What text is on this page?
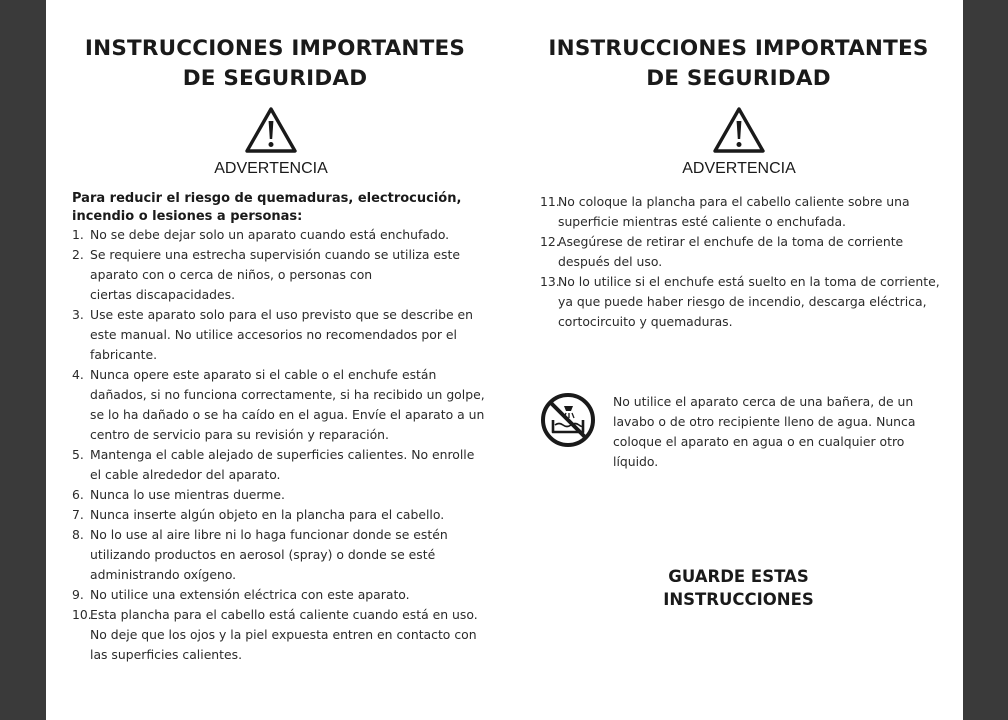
INSTRUCCIONES IMPORTANTES
DE SEGURIDAD
ADVERTENCIA
Para reducir el riesgo de quemaduras, electrocución, incendio o lesiones a personas:
1. No se debe dejar solo un aparato cuando está enchufado.
2. Se requiere una estrecha supervisión cuando se utiliza este
aparato con o cerca de niños, o personas con
ciertas discapacidades.
3. Use este aparato solo para el uso previsto que se describe en
este manual. No utilice accesorios no recomendados por el
fabricante.
4. Nunca opere este aparato si el cable o el enchufe están
dañados, si no funciona correctamente, si ha recibido un golpe,
se lo ha dañado o se ha caído en el agua. Envíe el aparato a un
centro de servicio para su revisión y reparación.
5. Mantenga el cable alejado de superficies calientes. No enrolle
el cable alrededor del aparato.
6. Nunca lo use mientras duerme.
7. Nunca inserte algún objeto en la plancha para el cabello.
8. No lo use al aire libre ni lo haga funcionar donde se estén
utilizando productos en aerosol (spray) o donde se esté
administrando oxígeno.
9. No utilice una extensión eléctrica con este aparato.
10.
Esta plancha para el cabello está caliente cuando está en uso.
No deje que los ojos y la piel expuesta entren en contacto con
las superficies calientes.
INSTRUCCIONES IMPORTANTES
DE SEGURIDAD
ADVERTENCIA
11.
No coloque la plancha para el cabello caliente sobre una
superficie mientras esté caliente o enchufada.
12.
Asegúrese de retirar el enchufe de la toma de corriente
después del uso.
13.
No lo utilice si el enchufe está suelto en la toma de corriente,
ya que puede haber riesgo de incendio, descarga eléctrica,
cortocircuito y quemaduras.
No utilice el aparato cerca de una bañera, de un
lavabo o de otro recipiente lleno de agua. Nunca
coloque el aparato en agua o en cualquier otro
líquido.
GUARDE ESTAS
INSTRUCCIONES
